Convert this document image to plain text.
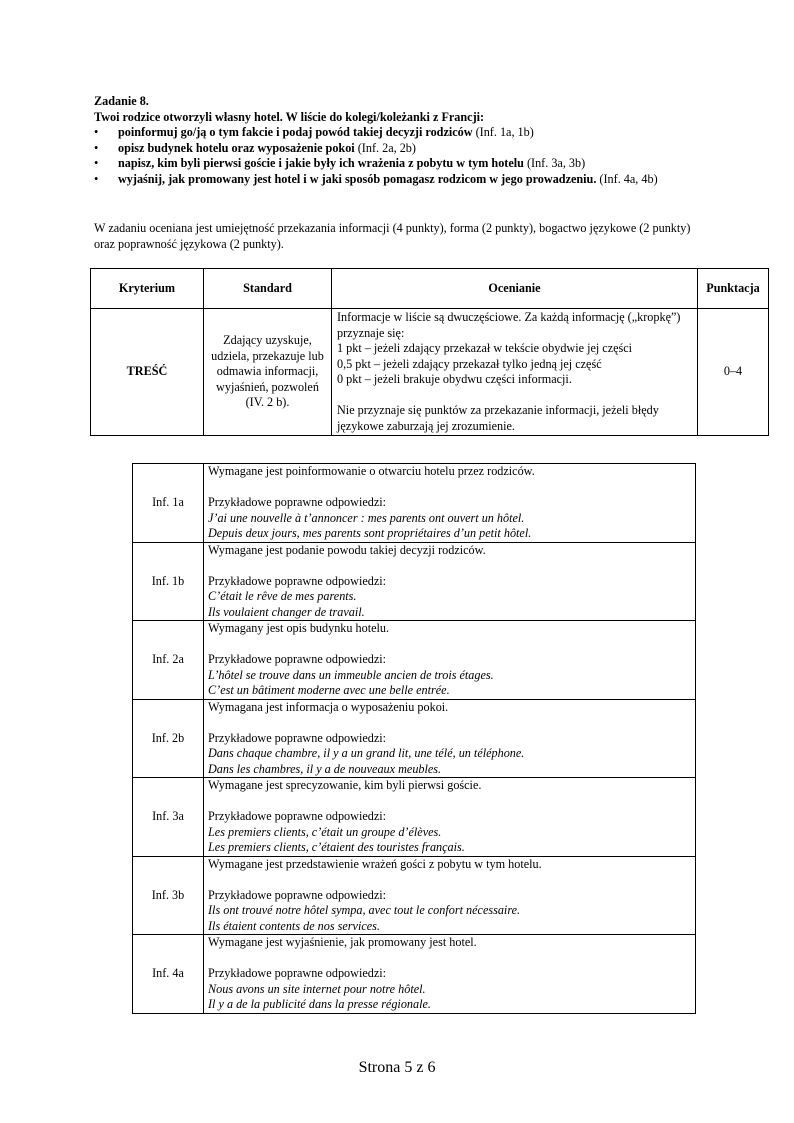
Zadanie 8.

Twoi rodzice otworzyli własny hotel. W liście do kolegi/koleżanki z Francji:

•	poinformuj go/ją o tym fakcie i podaj powód takiej decyzji rodziców (Inf. 1a, 1b)
•	opisz budynek hotelu oraz wyposażenie pokoi (Inf. 2a, 2b)
•	napisz, kim byli pierwsi goście i jakie były ich wrażenia z pobytu w tym hotelu (Inf. 3a, 3b)
•	wyjaśnij, jak promowany jest hotel i w jaki sposób pomagasz rodzicom w jego prowadzeniu. (Inf. 4a, 4b)

W zadaniu oceniana jest umiejętność przekazania informacji (4 punkty), forma (2 punkty), bogactwo językowe (2 punkty) oraz poprawność językowa (2 punkty).

Kryterium	Standard	Ocenianie	Punktacja
TREŚĆ	Zdający uzyskuje, udziela, przekazuje lub odmawia informacji, wyjaśnień, pozwoleń (IV. 2 b).	Informacje w liście są dwuczęściowe. Za każdą informację („kropkę”) przyznaje się:
1 pkt – jeżeli zdający przekazał w tekście obydwie jej części
0,5 pkt – jeżeli zdający przekazał tylko jedną jej część
0 pkt – jeżeli brakuje obydwu części informacji.
Nie przyznaje się punktów za przekazanie informacji, jeżeli błędy językowe zaburzają jej zrozumienie.	0–4
Inf. 1a	Wymagane jest poinformowanie o otwarciu hotelu przez rodziców.
Przykładowe poprawne odpowiedzi:
J’ai une nouvelle à t’annoncer : mes parents ont ouvert un hôtel.
Depuis deux jours, mes parents sont propriétaires d’un petit hôtel.

Inf. 1b	Wymagane jest podanie powodu takiej decyzji rodziców.
Przykładowe poprawne odpowiedzi:
C’était le rêve de mes parents.
Ils voulaient changer de travail.

Inf. 2a	Wymagany jest opis budynku hotelu.
Przykładowe poprawne odpowiedzi:
L’hôtel se trouve dans un immeuble ancien de trois étages.
C’est un bâtiment moderne avec une belle entrée.

Inf. 2b	Wymagana jest informacja o wyposażeniu pokoi.
Przykładowe poprawne odpowiedzi:
Dans chaque chambre, il y a un grand lit, une télé, un téléphone.
Dans les chambres, il y a de nouveaux meubles.

Inf. 3a	Wymagane jest sprecyzowanie, kim byli pierwsi goście.
Przykładowe poprawne odpowiedzi:
Les premiers clients, c’était un groupe d’élèves.
Les premiers clients, c’étaient des touristes français.

Inf. 3b	Wymagane jest przedstawienie wrażeń gości z pobytu w tym hotelu.
Przykładowe poprawne odpowiedzi:
Ils ont trouvé notre hôtel sympa, avec tout le confort nécessaire.
Ils étaient contents de nos services.

Inf. 4a	Wymagane jest wyjaśnienie, jak promowany jest hotel.
Przykładowe poprawne odpowiedzi:
Nous avons un site internet pour notre hôtel.
Il y a de la publicité dans la presse régionale.
Strona 5 z 6
